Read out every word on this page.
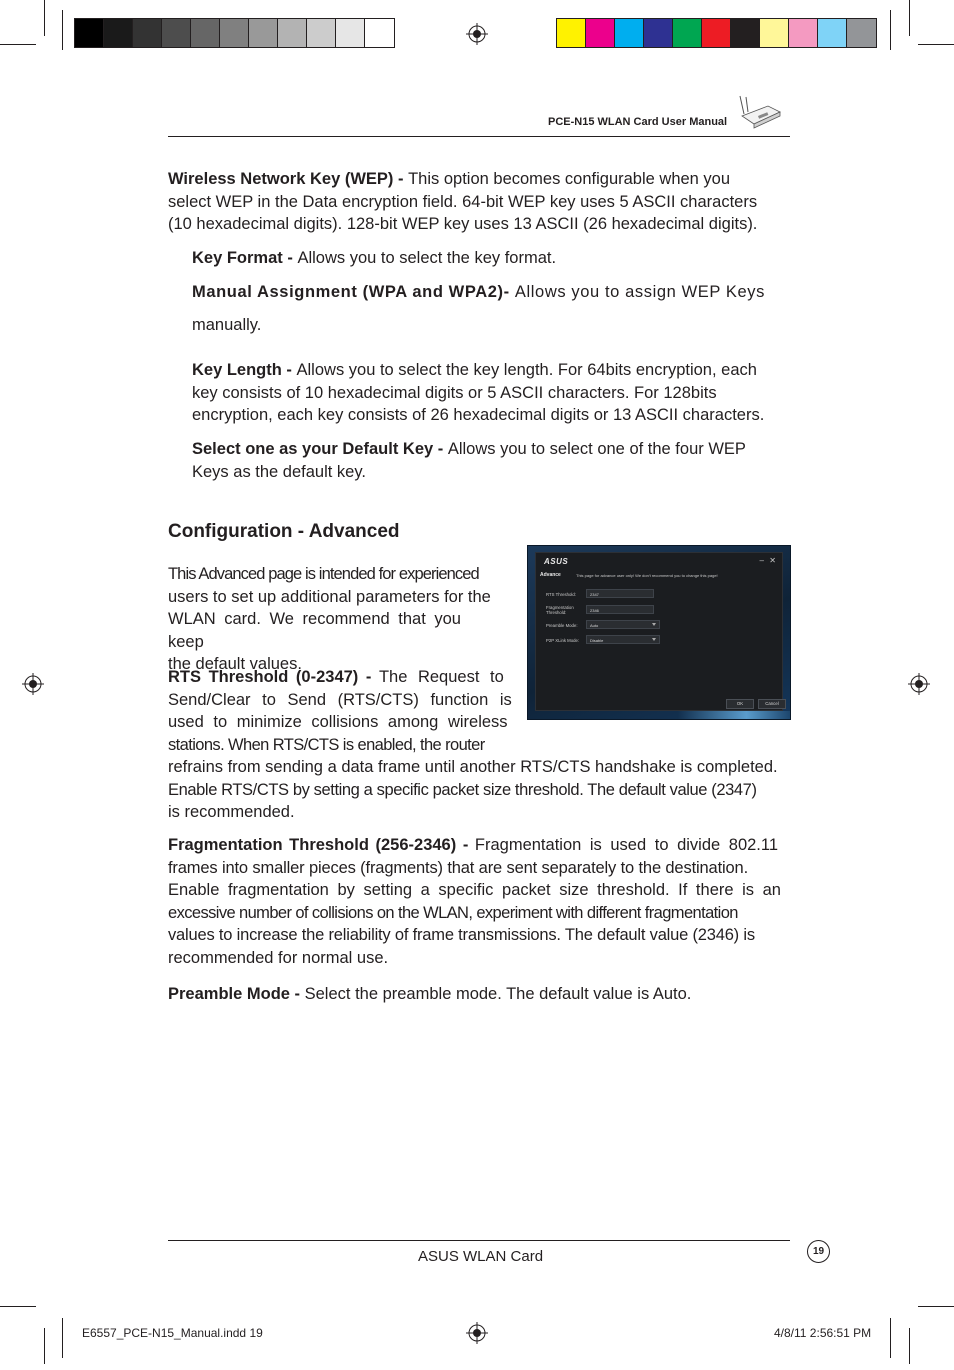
PCE-N15 WLAN Card User Manual
Wireless Network Key (WEP) - This option becomes configurable when you
select WEP in the Data encryption field. 64-bit WEP key uses 5 ASCII characters
(10 hexadecimal digits). 128-bit WEP key uses 13 ASCII (26 hexadecimal digits).
Key Format - Allows you to select the key format.
Manual Assignment (WPA and WPA2)- Allows you to assign WEP Keys
manually.
Key Length - Allows you to select the key length. For 64bits encryption, each
key consists of 10 hexadecimal digits or 5 ASCII characters. For 128bits
encryption, each key consists of 26 hexadecimal digits or 13 ASCII characters.
Select one as your Default Key - Allows you to select one of the four WEP
Keys as the default key.
Configuration - Advanced
This Advanced page is intended for experienced
users to set up additional parameters for the
WLAN card. We recommend that you keep
the default values.
RTS Threshold (0-2347) - The Request to
Send/Clear to Send (RTS/CTS) function is
used to minimize collisions among wireless
stations. When RTS/CTS is enabled, the router
refrains from sending a data frame until another RTS/CTS handshake is completed.
Enable RTS/CTS by setting a specific packet size threshold. The default value (2347)
is recommended.
ASUS	– ✕
Advance	This page for advance user only! We don't recommend you to change this page!
RTS Threshold:	2347
Fragmentation
Threshold:	2346
Preamble Mode:	Auto
P2P XLink Mode:	Disable
OK	Cancel
Fragmentation Threshold (256-2346) - Fragmentation is used to divide 802.11
frames into smaller pieces (fragments) that are sent separately to the destination.
Enable fragmentation by setting a specific packet size threshold. If there is an
excessive number of collisions on the WLAN, experiment with different fragmentation
values to increase the reliability of frame transmissions. The default value (2346) is
recommended for normal use.
Preamble Mode - Select the preamble mode. The default value is Auto.
ASUS WLAN Card	19
E6557_PCE-N15_Manual.indd 19	4/8/11 2:56:51 PM
